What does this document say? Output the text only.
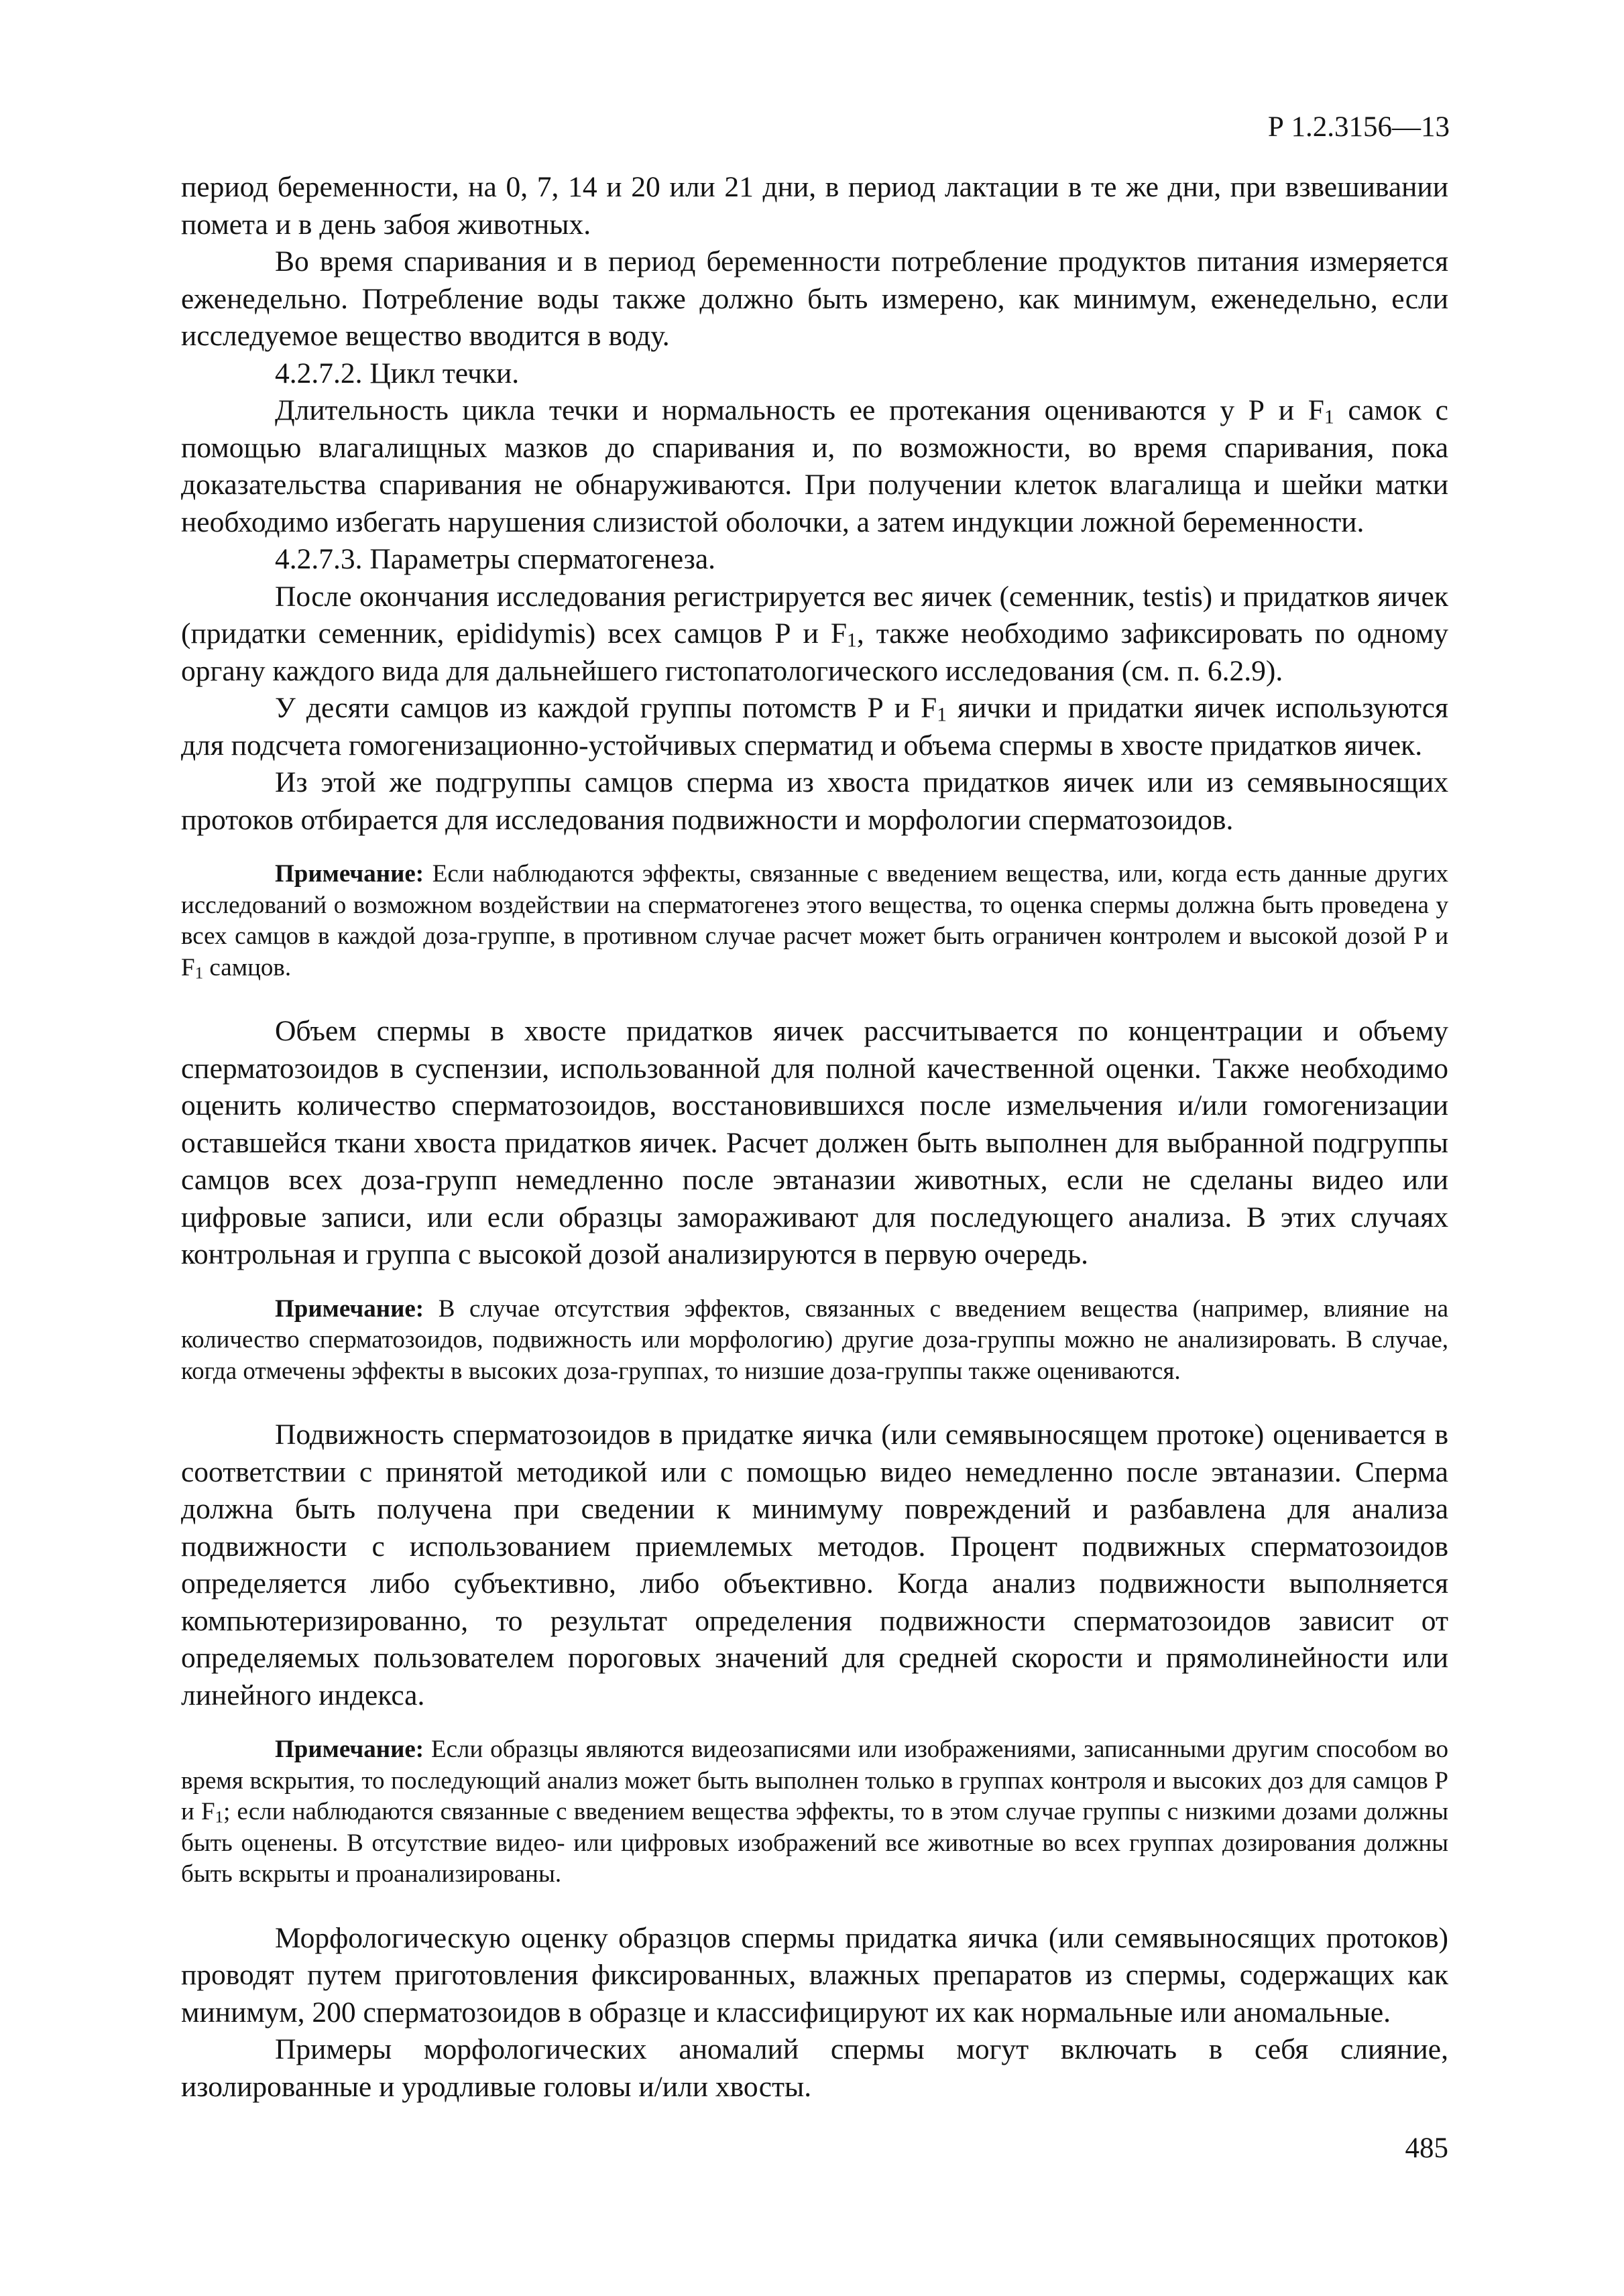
Р 1.2.3156—13

период беременности, на 0, 7, 14 и 20 или 21 дни, в период лактации в те же дни, при взвешивании помета и в день забоя животных.

Во время спаривания и в период беременности потребление продуктов питания измеряется еженедельно. Потребление воды также должно быть измерено, как минимум, еженедельно, если исследуемое вещество вводится в воду.

4.2.7.2. Цикл течки.

Длительность цикла течки и нормальность ее протекания оцениваются у Р и F1 самок с помощью влагалищных мазков до спаривания и, по возможности, во время спаривания, пока доказательства спаривания не обнаруживаются. При получении клеток влагалища и шейки матки необходимо избегать нарушения слизистой оболочки, а затем индукции ложной беременности.

4.2.7.3. Параметры сперматогенеза.

После окончания исследования регистрируется вес яичек (семенник, testis) и придатков яичек (придатки семенник, epididymis) всех самцов Р и F1, также необходимо зафиксировать по одному органу каждого вида для дальнейшего гистопатологического исследования (см. п. 6.2.9).

У десяти самцов из каждой группы потомств Р и F1 яички и придатки яичек используются для подсчета гомогенизационно-устойчивых сперматид и объема спермы в хвосте придатков яичек.

Из этой же подгруппы самцов сперма из хвоста придатков яичек или из семявыносящих протоков отбирается для исследования подвижности и морфологии сперматозоидов.

Примечание: Если наблюдаются эффекты, связанные с введением вещества, или, когда есть данные других исследований о возможном воздействии на сперматогенез этого вещества, то оценка спермы должна быть проведена у всех самцов в каждой доза-группе, в противном случае расчет может быть ограничен контролем и высокой дозой Р и F1 самцов.

Объем спермы в хвосте придатков яичек рассчитывается по концентрации и объему сперматозоидов в суспензии, использованной для полной качественной оценки. Также необходимо оценить количество сперматозоидов, восстановившихся после измельчения и/или гомогенизации оставшейся ткани хвоста придатков яичек. Расчет должен быть выполнен для выбранной подгруппы самцов всех доза-групп немедленно после эвтаназии животных, если не сделаны видео или цифровые записи, или если образцы замораживают для последующего анализа. В этих случаях контрольная и группа с высокой дозой анализируются в первую очередь.

Примечание: В случае отсутствия эффектов, связанных с введением вещества (например, влияние на количество сперматозоидов, подвижность или морфологию) другие доза-группы можно не анализировать. В случае, когда отмечены эффекты в высоких доза-группах, то низшие доза-группы также оцениваются.

Подвижность сперматозоидов в придатке яичка (или семявыносящем протоке) оценивается в соответствии с принятой методикой или с помощью видео немедленно после эвтаназии. Сперма должна быть получена при сведении к минимуму повреждений и разбавлена для анализа подвижности с использованием приемлемых методов. Процент подвижных сперматозоидов определяется либо субъективно, либо объективно. Когда анализ подвижности выполняется компьютеризированно, то результат определения подвижности сперматозоидов зависит от определяемых пользователем пороговых значений для средней скорости и прямолинейности или линейного индекса.

Примечание: Если образцы являются видеозаписями или изображениями, записанными другим способом во время вскрытия, то последующий анализ может быть выполнен только в группах контроля и высоких доз для самцов Р и F1; если наблюдаются связанные с введением вещества эффекты, то в этом случае группы с низкими дозами должны быть оценены. В отсутствие видео- или цифровых изображений все животные во всех группах дозирования должны быть вскрыты и проанализированы.

Морфологическую оценку образцов спермы придатка яичка (или семявыносящих протоков) проводят путем приготовления фиксированных, влажных препаратов из спермы, содержащих как минимум, 200 сперматозоидов в образце и классифицируют их как нормальные или аномальные.

Примеры морфологических аномалий спермы могут включать в себя слияние, изолированные и уродливые головы и/или хвосты.

485
